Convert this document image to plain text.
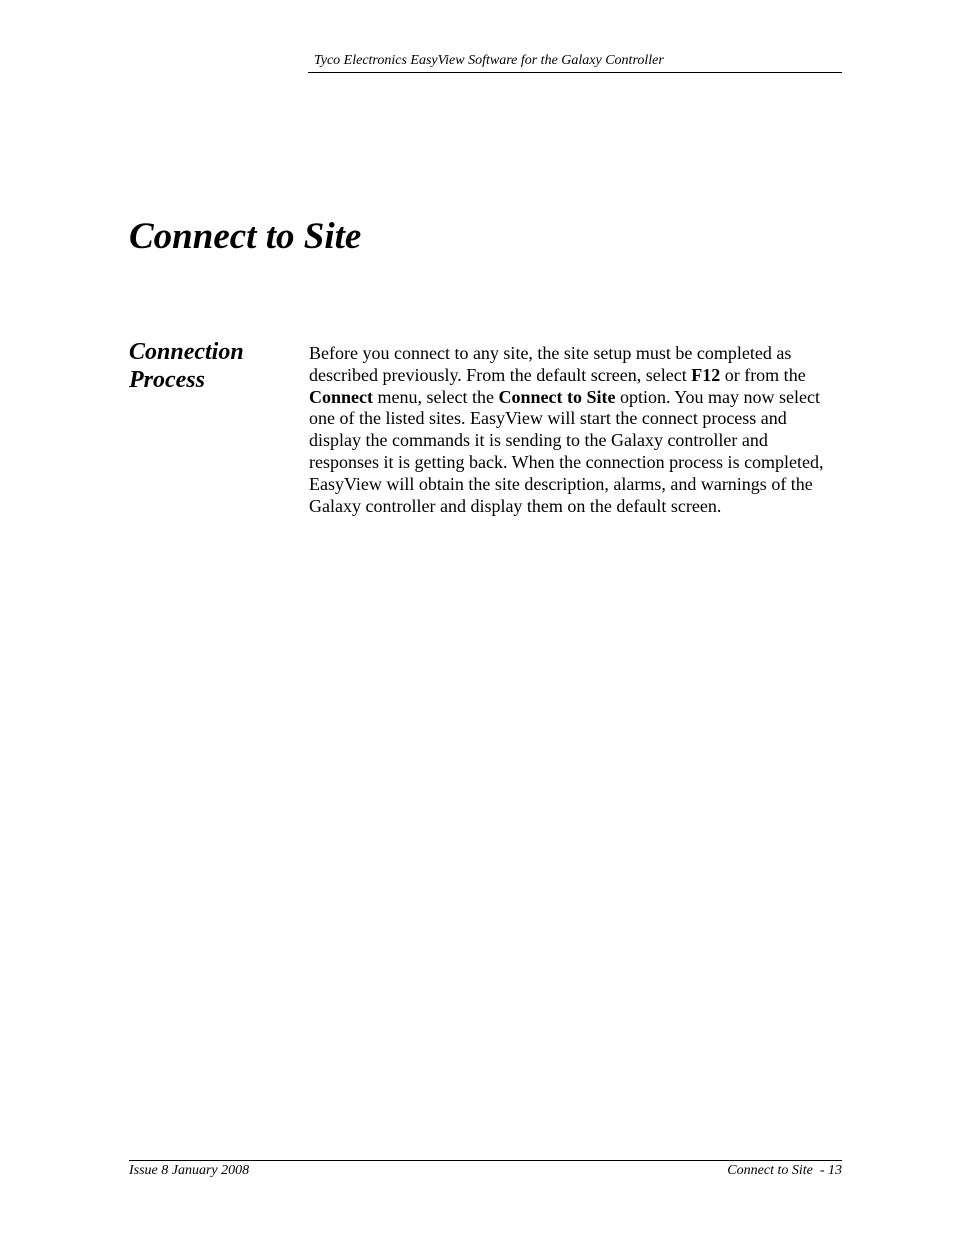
Tyco Electronics EasyView Software for the Galaxy Controller
Connect to Site
Connection
Process

Before you connect to any site, the site setup must be completed as
described previously. From the default screen, select F12 or from the
Connect menu, select the Connect to Site option. You may now select
one of the listed sites. EasyView will start the connect process and
display the commands it is sending to the Galaxy controller and
responses it is getting back. When the connection process is completed,
EasyView will obtain the site description, alarms, and warnings of the
Galaxy controller and display them on the default screen.

Issue 8 January 2008	Connect to Site  - 13
